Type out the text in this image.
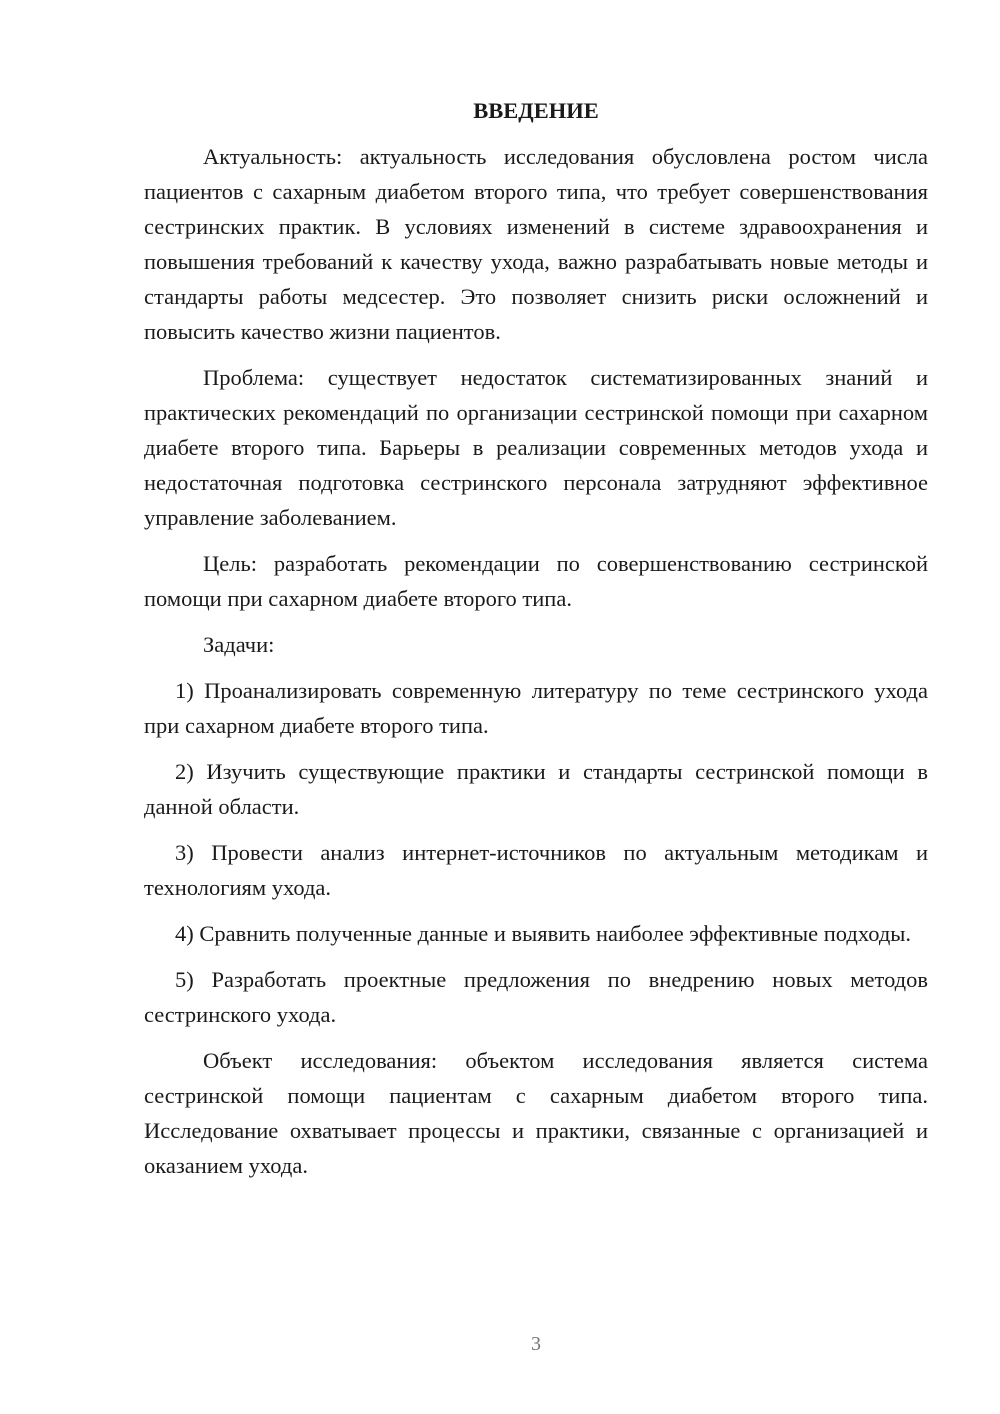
ВВЕДЕНИЕ

Актуальность: актуальность исследования обусловлена ростом числа пациентов с сахарным диабетом второго типа, что требует совершенствования сестринских практик. В условиях изменений в системе здравоохранения и повышения требований к качеству ухода, важно разрабатывать новые методы и стандарты работы медсестер. Это позволяет снизить риски осложнений и повысить качество жизни пациентов.

Проблема: существует недостаток систематизированных знаний и практических рекомендаций по организации сестринской помощи при сахарном диабете второго типа. Барьеры в реализации современных методов ухода и недостаточная подготовка сестринского персонала затрудняют эффективное управление заболеванием.

Цель: разработать рекомендации по совершенствованию сестринской помощи при сахарном диабете второго типа.

Задачи:

1) Проанализировать современную литературу по теме сестринского ухода при сахарном диабете второго типа.

2) Изучить существующие практики и стандарты сестринской помощи в данной области.

3) Провести анализ интернет-источников по актуальным методикам и технологиям ухода.

4) Сравнить полученные данные и выявить наиболее эффективные подходы.

5) Разработать проектные предложения по внедрению новых методов сестринского ухода.

Объект исследования: объектом исследования является система сестринской помощи пациентам с сахарным диабетом второго типа. Исследование охватывает процессы и практики, связанные с организацией и оказанием ухода.

3
